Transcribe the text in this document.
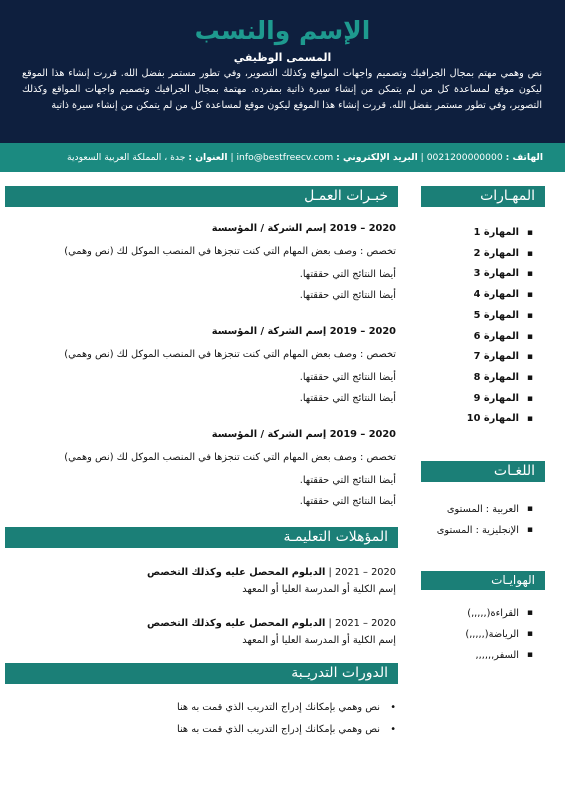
الإسم والنسب
المسمى الوظيفي
نص وهمي مهتم بمجال الجرافيك وتصميم واجهات المواقع وكذلك التصوير، وفي تطور مستمر بفضل الله. قررت إنشاء هذا الموقع ليكون موقع لمساعدة كل من لم يتمكن من إنشاء سيرة ذاتية بمفرده. مهتمة بمجال الجرافيك وتصميم واجهات المواقع وكذلك التصوير، وفي تطور مستمر بفضل الله. قررت إنشاء هذا الموقع ليكون موقع لمساعدة كل من لم يتمكن من إنشاء سيرة ذاتية
الهاتف : 0021200000000 | البريد الإلكتروني : info@bestfreecv.com | العنوان : جدة ، المملكة العربية السعودية
المهـارات
▪ المهارة 1
▪ المهارة 2
▪ المهارة 3
▪ المهارة 4
▪ المهارة 5
▪ المهارة 6
▪ المهارة 7
▪ المهارة 8
▪ المهارة 9
▪ المهارة 10
اللغـات
▪ العربية : المستوى
▪ الإنجليزية : المستوى
الهوايـات
▪ القراءة(,,,,,)
▪ الرياضة(,,,,,)
▪ السفر,,,,,,
خبـرات العمـل
2020 – 2019 إسم الشركة / المؤسسة
تخصص : وصف بعض المهام التي كنت تنجزها في المنصب الموكل لك (نص وهمي)
أيضا النتائج التي حققتها.
أيضا النتائج التي حققتها.
2020 – 2019 إسم الشركة / المؤسسة
تخصص : وصف بعض المهام التي كنت تنجزها في المنصب الموكل لك (نص وهمي)
أيضا النتائج التي حققتها.
أيضا النتائج التي حققتها.
2020 – 2019 إسم الشركة / المؤسسة
تخصص : وصف بعض المهام التي كنت تنجزها في المنصب الموكل لك (نص وهمي)
أيضا النتائج التي حققتها.
أيضا النتائج التي حققتها.
المؤهلات التعليمـة
2020 – 2021 | الدبلوم المحصل عليه وكذلك التخصص
إسم الكلية أو المدرسة العليا أو المعهد
2020 – 2021 | الدبلوم المحصل عليه وكذلك التخصص
إسم الكلية أو المدرسة العليا أو المعهد
الدورات التدريـبة
• نص وهمي بإمكانك إدراج التدريب الذي قمت به هنا
• نص وهمي بإمكانك إدراج التدريب الذي قمت به هنا
